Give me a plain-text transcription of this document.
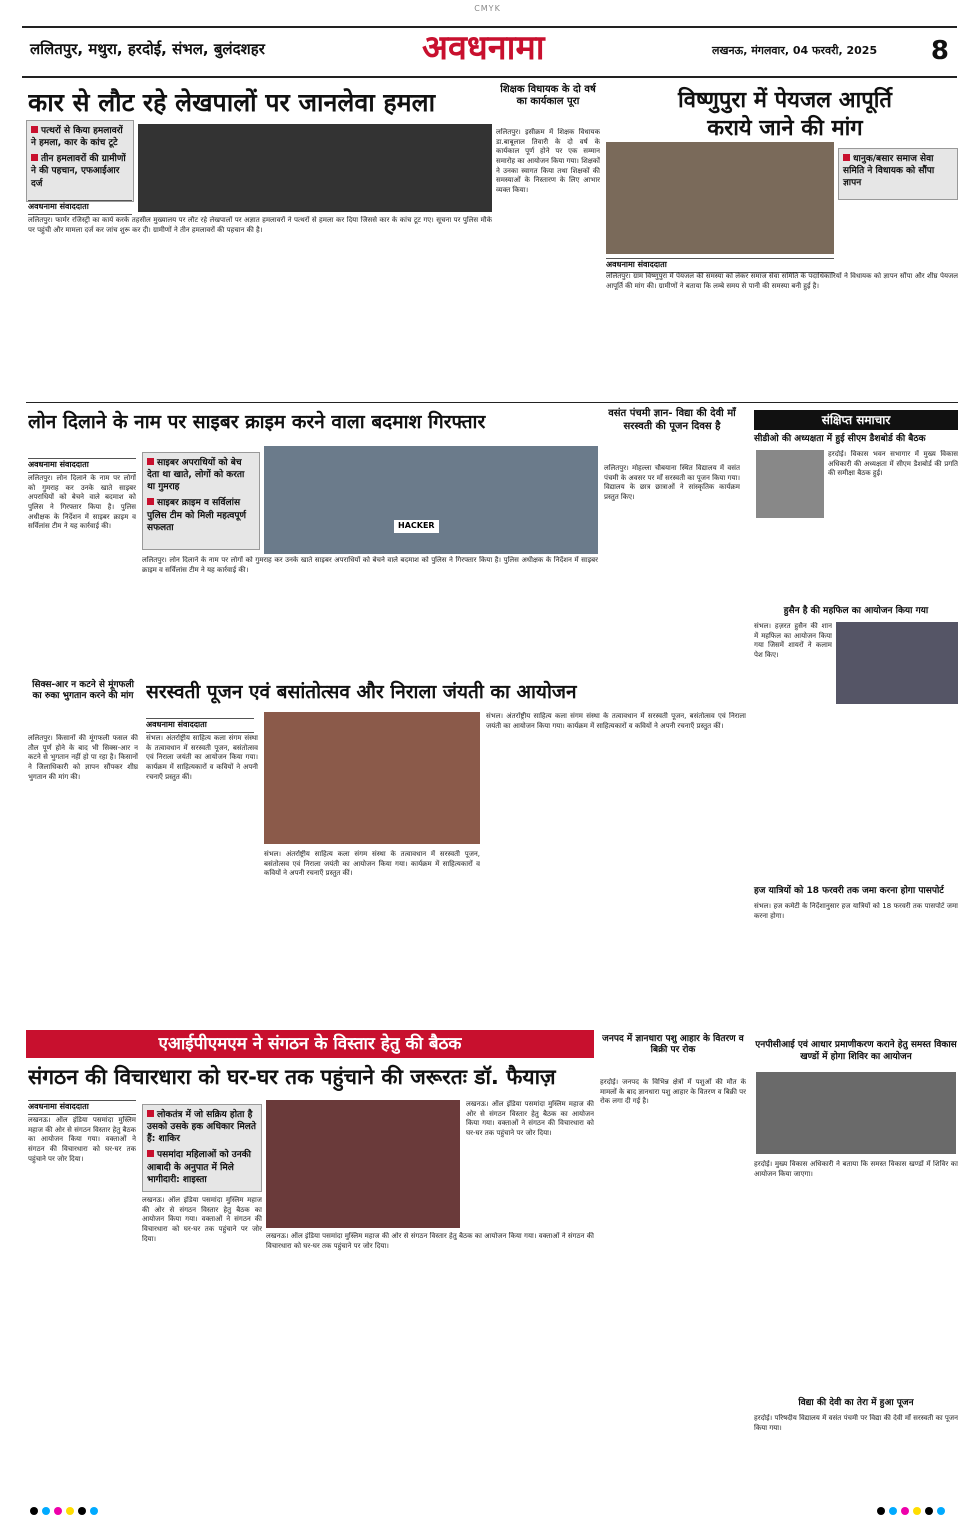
CMYK
ललितपुर, मथुरा, हरदोई, संभल, बुलंदशहर	अवधनामा	लखनऊ, मंगलवार, 04 फरवरी, 2025 8
कार से लौट रहे लेखपालों पर जानलेवा हमला
पत्थरों से किया हमलावरों ने हमला, कार के कांच टूटे
तीन हमलावरों की ग्रामीणों ने की पहचान, एफआईआर दर्ज
अवधनामा संवाददाता
ललितपुर। फार्मर रजिस्ट्री का कार्य करके तहसील मुख्यालय पर लौट रहे लेखपालों पर अज्ञात हमलावरों ने पत्थरों से हमला कर दिया जिससे कार के कांच टूट गए। सूचना पर पुलिस मौके पर पहुंची और मामला दर्ज कर जांच शुरू कर दी। ग्रामीणों ने तीन हमलावरों की पहचान की है।
शिक्षक विधायक के दो वर्ष का कार्यकाल पूरा
ललितपुर। इसीक्रम में शिक्षक विधायक डा.बाबूलाल तिवारी के दो वर्ष के कार्यकाल पूर्ण होने पर एक सम्मान समारोह का आयोजन किया गया। शिक्षकों ने उनका स्वागत किया तथा शिक्षकों की समस्याओं के निस्तारण के लिए आभार व्यक्त किया।
विष्णुपुरा में पेयजल आपूर्ति
कराये जाने की मांग
धानुक/बसार समाज सेवा समिति ने विधायक को सौंपा ज्ञापन
अवधनामा संवाददाता
ललितपुर। ग्राम विष्णुपुरा में पेयजल की समस्या को लेकर समाज सेवा समिति के पदाधिकारियों ने विधायक को ज्ञापन सौंपा और शीघ्र पेयजल आपूर्ति की मांग की। ग्रामीणों ने बताया कि लम्बे समय से पानी की समस्या बनी हुई है।
लोन दिलाने के नाम पर साइबर क्राइम करने वाला बदमाश गिरफ्तार
अवधनामा संवाददाता	साइबर अपराधियों को बेच देता था खाते, लोगों को करता था गुमराह
साइबर क्राइम व सर्विलांस पुलिस टीम को मिली महत्वपूर्ण सफलता	HACKER
ललितपुर। लोन दिलाने के नाम पर लोगों को गुमराह कर उनके खाते साइबर अपराधियों को बेचने वाले बदमाश को पुलिस ने गिरफ्तार किया है। पुलिस अधीक्षक के निर्देशन में साइबर क्राइम व सर्विलांस टीम ने यह कार्रवाई की।
ललितपुर। लोन दिलाने के नाम पर लोगों को गुमराह कर उनके खाते साइबर अपराधियों को बेचने वाले बदमाश को पुलिस ने गिरफ्तार किया है। पुलिस अधीक्षक के निर्देशन में साइबर क्राइम व सर्विलांस टीम ने यह कार्रवाई की।
वसंत पंचमी ज्ञान- विद्या की देवी माँ सरस्वती की पूजन दिवस है
ललितपुर। मोहल्ला चौबयाना स्थित विद्यालय में वसंत पंचमी के अवसर पर माँ सरस्वती का पूजन किया गया। विद्यालय के छात्र छात्राओं ने सांस्कृतिक कार्यक्रम प्रस्तुत किए।
संक्षिप्त समाचार
सीडीओ की अध्यक्षता में हुई सीएम डैशबोर्ड की बैठक
हरदोई। विकास भवन सभागार में मुख्य विकास अधिकारी की अध्यक्षता में सीएम डैशबोर्ड की प्रगति की समीक्षा बैठक हुई।
हुसैन है की महफिल का आयोजन किया गया
संभल। हज़रत हुसैन की शान में महफिल का आयोजन किया गया जिसमें शायरों ने कलाम पेश किए।
हज यात्रियों को 18 फरवरी तक जमा करना होगा पासपोर्ट
संभल। हज कमेटी के निर्देशानुसार हज यात्रियों को 18 फरवरी तक पासपोर्ट जमा करना होगा।
एनपीसीआई एवं आधार प्रमाणीकरण कराने हेतु समस्त विकास खण्डों में होगा शिविर का आयोजन
हरदोई। मुख्य विकास अधिकारी ने बताया कि समस्त विकास खण्डों में शिविर का आयोजन किया जाएगा।
विद्या की देवी का तेरा में हुआ पूजन
हरदोई। परिषदीय विद्यालय में वसंत पंचमी पर विद्या की देवी माँ सरस्वती का पूजन किया गया।
सिक्स-आर न कटने से मूंगफली का रुका भुगतान करने की मांग
ललितपुर। किसानों की मूंगफली फसल की तौल पूर्ण होने के बाद भी सिक्स-आर न कटने से भुगतान नहीं हो पा रहा है। किसानों ने जिलाधिकारी को ज्ञापन सौंपकर शीघ्र भुगतान की मांग की।
सरस्वती पूजन एवं बसांतोत्सव और निराला जंयती का आयोजन
अवधनामा संवाददाता
संभल। अंतर्राष्ट्रीय साहित्य कला संगम संस्था के तत्वावधान में सरस्वती पूजन, बसंतोत्सव एवं निराला जयंती का आयोजन किया गया। कार्यक्रम में साहित्यकारों व कवियों ने अपनी रचनाएँ प्रस्तुत कीं।
संभल। अंतर्राष्ट्रीय साहित्य कला संगम संस्था के तत्वावधान में सरस्वती पूजन, बसंतोत्सव एवं निराला जयंती का आयोजन किया गया। कार्यक्रम में साहित्यकारों व कवियों ने अपनी रचनाएँ प्रस्तुत कीं।
संभल। अंतर्राष्ट्रीय साहित्य कला संगम संस्था के तत्वावधान में सरस्वती पूजन, बसंतोत्सव एवं निराला जयंती का आयोजन किया गया। कार्यक्रम में साहित्यकारों व कवियों ने अपनी रचनाएँ प्रस्तुत कीं।
एआईपीएमएम ने संगठन के विस्तार हेतु की बैठक
संगठन की विचारधारा को घर-घर तक पहुंचाने की जरूरतः डॉ. फैयाज़
अवधनामा संवाददाता
लोकतंत्र में जो सक्रिय होता है उसको उसके हक अधिकार मिलते हैं: शाकिर
पसमांदा महिलाओं को उनकी आबादी के अनुपात में मिले भागीदारी: शाइस्ता
लखनऊ। ऑल इंडिया पसमांदा मुस्लिम महाज की ओर से संगठन विस्तार हेतु बैठक का आयोजन किया गया। वक्ताओं ने संगठन की विचारधारा को घर-घर तक पहुंचाने पर जोर दिया।
लखनऊ। ऑल इंडिया पसमांदा मुस्लिम महाज की ओर से संगठन विस्तार हेतु बैठक का आयोजन किया गया। वक्ताओं ने संगठन की विचारधारा को घर-घर तक पहुंचाने पर जोर दिया।	लखनऊ। ऑल इंडिया पसमांदा मुस्लिम महाज की ओर से संगठन विस्तार हेतु बैठक का आयोजन किया गया। वक्ताओं ने संगठन की विचारधारा को घर-घर तक पहुंचाने पर जोर दिया।
लखनऊ। ऑल इंडिया पसमांदा मुस्लिम महाज की ओर से संगठन विस्तार हेतु बैठक का आयोजन किया गया। वक्ताओं ने संगठन की विचारधारा को घर-घर तक पहुंचाने पर जोर दिया।
जनपद में ज्ञानधारा पशु आहार के वितरण व बिक्री पर रोक
हरदोई। जनपद के विभिन्न क्षेत्रों में पशुओं की मौत के मामलों के बाद ज्ञानधारा पशु आहार के वितरण व बिक्री पर रोक लगा दी गई है।
